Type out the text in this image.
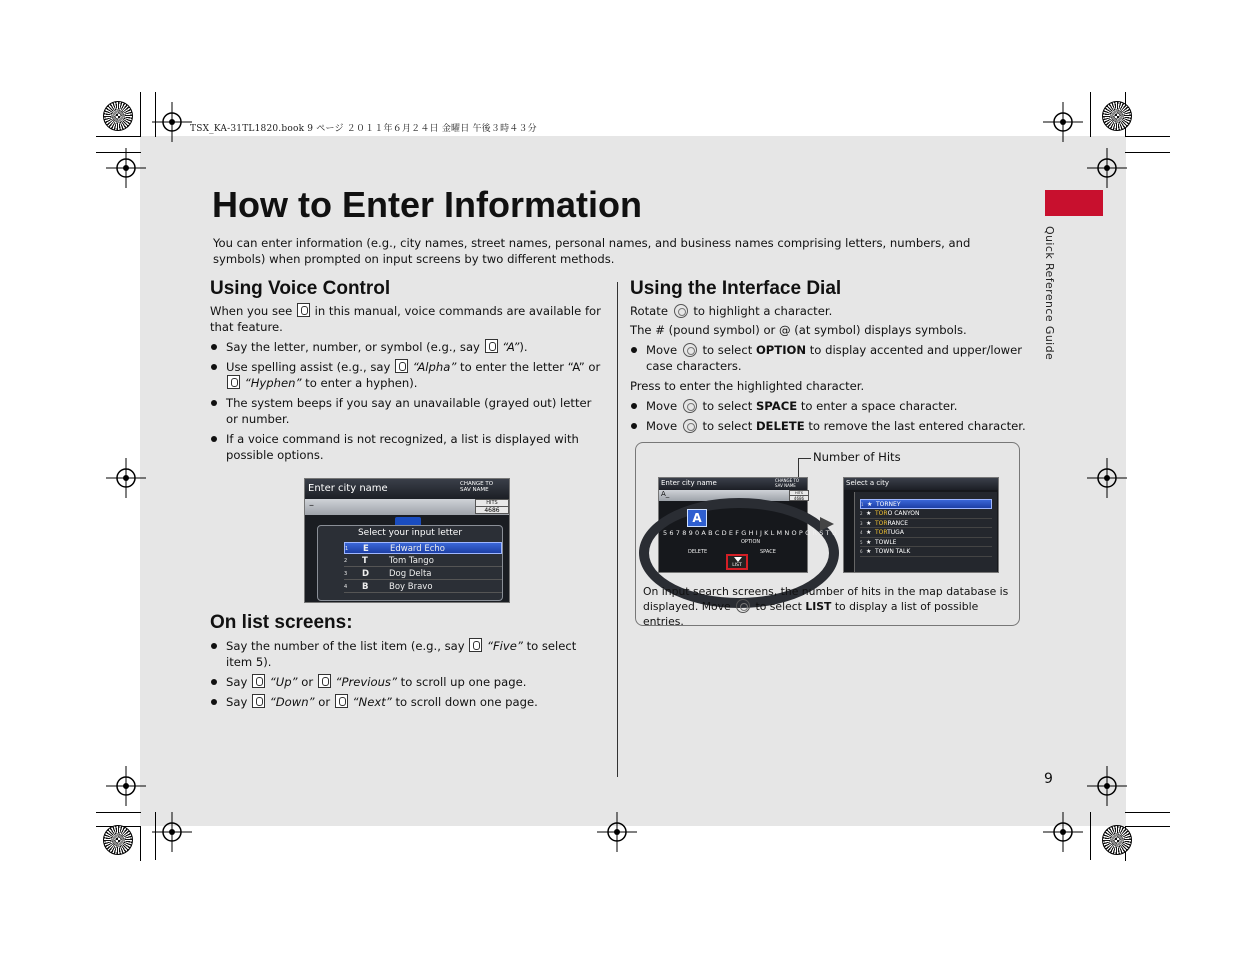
TSX_KA-31TL1820.book 9 ページ ２０１１年６月２４日 金曜日 午後３時４３分
Quick Reference Guide
9
How to Enter Information

You can enter information (e.g., city names, street names, personal names, and business names comprising letters, numbers, and symbols) when prompted on input screens by two different methods.

Using Voice Control

When you see in this manual, voice commands are available for that feature.

Say the letter, number, or symbol (e.g., say “A”).
Use spelling assist (e.g., say “Alpha” to enter the letter “A” or  “Hyphen” to enter a hyphen).
The system beeps if you say an unavailable (grayed out) letter or number.
If a voice command is not recognized, a list is displayed with possible options.
Enter city name	CHANGE TO
SAV NAME
–	HITS
4686
Select your input letter
1	E Edward Echo
2	T Tom Tango
3	D Dog Delta
4	B Boy Bravo
On list screens:
Say the number of the list item (e.g., say “Five” to select item 5).
Say “Up” or “Previous” to scroll up one page.
Say “Down” or “Next” to scroll down one page.
Using the Interface Dial

Rotate to highlight a character.

The # (pound symbol) or @ (at symbol) displays symbols.

Move to select OPTION to display accented and upper/lower case characters.

Press to enter the highlighted character.

Move to select SPACE to enter a space character.
Move to select DELETE to remove the last entered character.
Number of Hits
Enter city name	CHANGE TO
SAV NAME
A_	HITS
4686
A
5 6 7 8 9 0 A B C D E F G H I J K L M N O P Q R S T U
OPTION
DELETE	SPACE
LIST
Select a city
1 ★ TORNEY
2 ★ TORO CANYON
3 ★ TORRANCE
4 ★ TORTUGA
5 ★ TOWLE
6 ★ TOWN TALK

On input search screens, the number of hits in the map database is displayed. Move to select LIST to display a list of possible entries.
